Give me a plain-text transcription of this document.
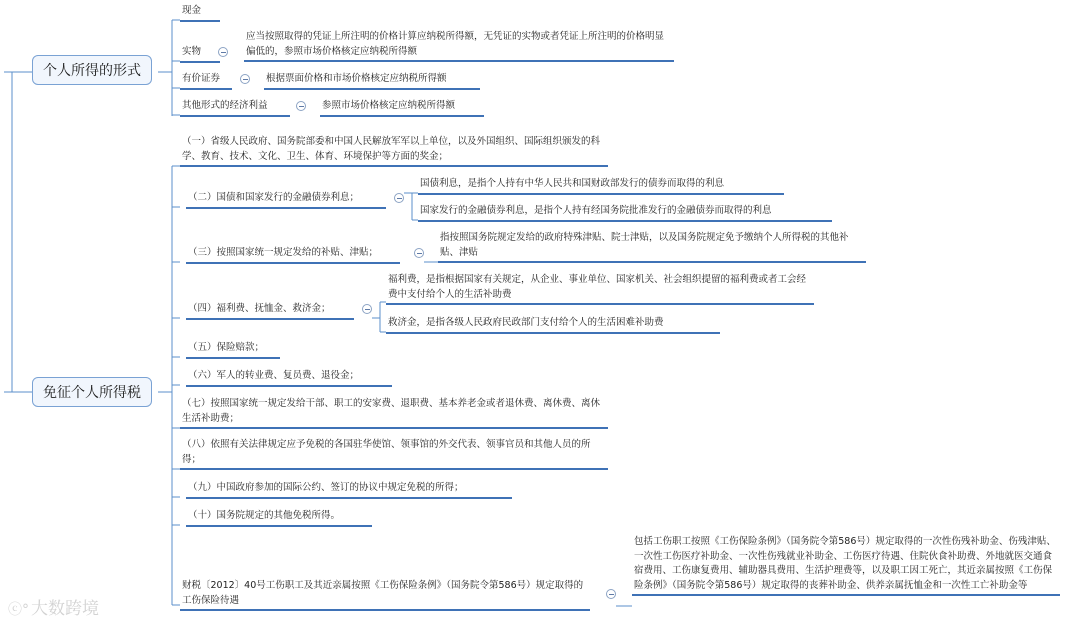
个人所得的形式
现金
实物
应当按照取得的凭证上所注明的价格计算应纳税所得额，无凭证的实物或者凭证上所注明的价格明显偏低的，参照市场价格核定应纳税所得额
有价证券	根据票面价格和市场价格核定应纳税所得额
其他形式的经济利益	参照市场价格核定应纳税所得额
免征个人所得税
（一）省级人民政府、国务院部委和中国人民解放军军以上单位，以及外国组织、国际组织颁发的科学、教育、技术、文化、卫生、体育、环境保护等方面的奖金；
（二）国债和国家发行的金融债券利息；
国债利息，是指个人持有中华人民共和国财政部发行的债券而取得的利息
国家发行的金融债券利息，是指个人持有经国务院批准发行的金融债券而取得的利息
（三）按照国家统一规定发给的补贴、津贴；
指按照国务院规定发给的政府特殊津贴、院士津贴，以及国务院规定免予缴纳个人所得税的其他补贴、津贴
（四）福利费、抚恤金、救济金；
福利费，是指根据国家有关规定，从企业、事业单位、国家机关、社会组织提留的福利费或者工会经费中支付给个人的生活补助费
救济金，是指各级人民政府民政部门支付给个人的生活困难补助费
（五）保险赔款；
（六）军人的转业费、复员费、退役金；
（七）按照国家统一规定发给干部、职工的安家费、退职费、基本养老金或者退休费、离休费、离休生活补助费；
（八）依照有关法律规定应予免税的各国驻华使馆、领事馆的外交代表、领事官员和其他人员的所得；
（九）中国政府参加的国际公约、签订的协议中规定免税的所得；
（十）国务院规定的其他免税所得。
财税〔2012〕40号工伤职工及其近亲属按照《工伤保险条例》（国务院令第586号）规定取得的工伤保险待遇
包括工伤职工按照《工伤保险条例》（国务院令第586号）规定取得的一次性伤残补助金、伤残津贴、一次性工伤医疗补助金、一次性伤残就业补助金、工伤医疗待遇、住院伙食补助费、外地就医交通食宿费用、工伤康复费用、辅助器具费用、生活护理费等，以及职工因工死亡，其近亲属按照《工伤保险条例》（国务院令第586号）规定取得的丧葬补助金、供养亲属抚恤金和一次性工亡补助金等
ⓒ° 大数跨境
